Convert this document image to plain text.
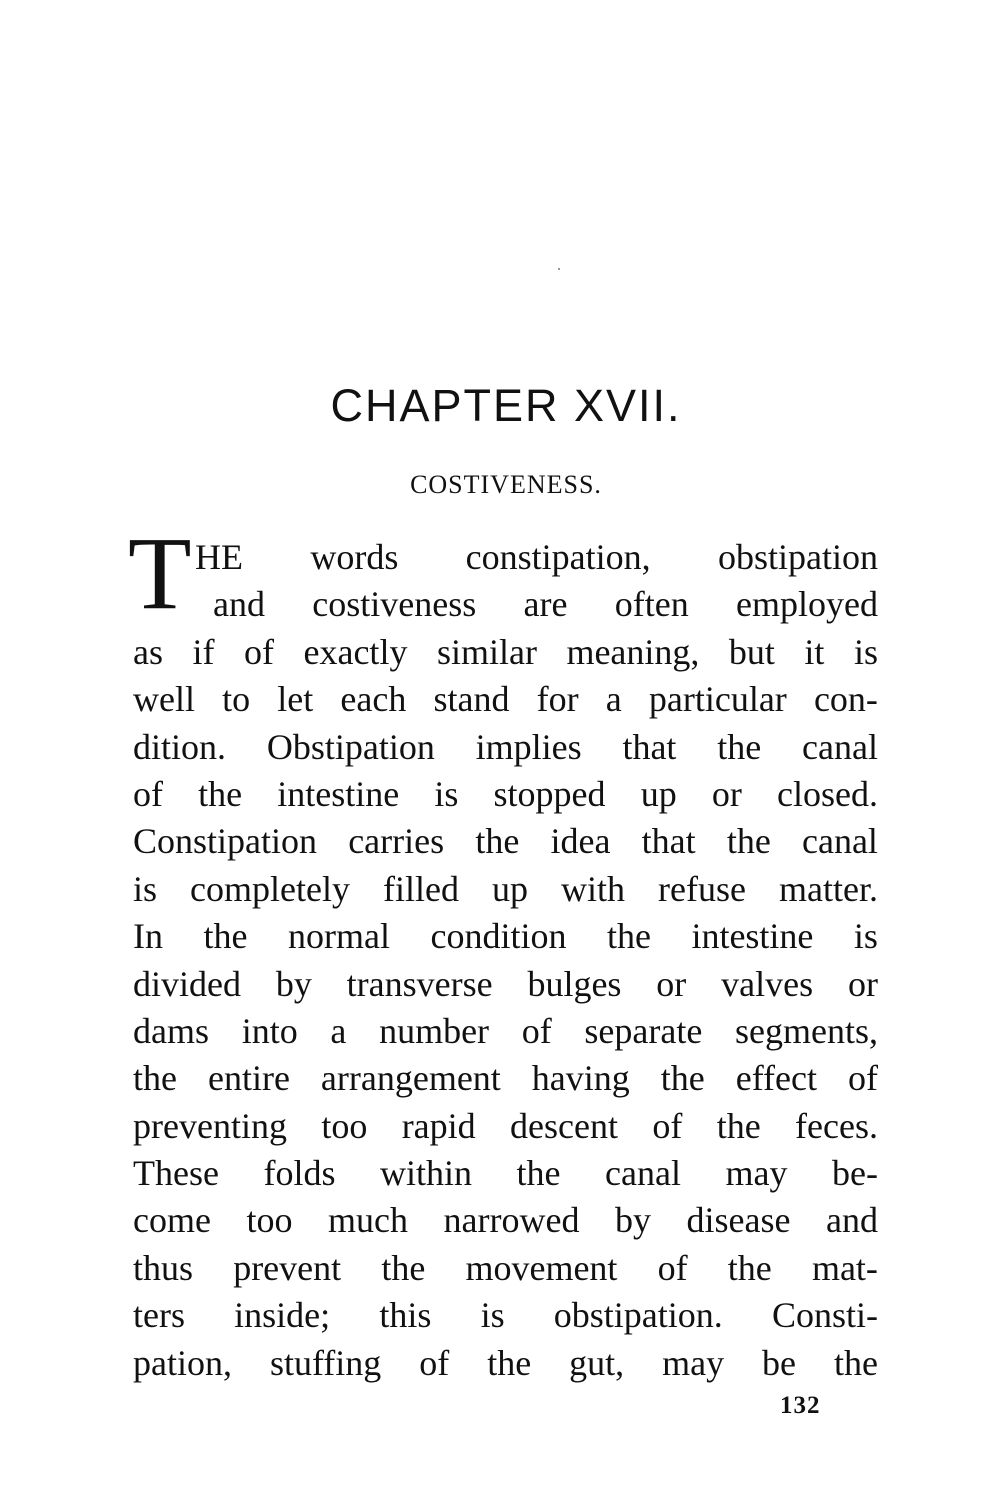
CHAPTER XVII.
COSTIVENESS.
T HE words constipation, obstipation
and costiveness are often employed
as if of exactly similar meaning, but it is
well to let each stand for a particular con-
dition. Obstipation implies that the canal
of the intestine is stopped up or closed.
Constipation carries the idea that the canal
is completely filled up with refuse matter.
In the normal condition the intestine is
divided by transverse bulges or valves or
dams into a number of separate segments,
the entire arrangement having the effect of
preventing too rapid descent of the feces.
These folds within the canal may be-
come too much narrowed by disease and
thus prevent the movement of the mat-
ters inside; this is obstipation. Consti-
pation, stuffing of the gut, may be the
132
